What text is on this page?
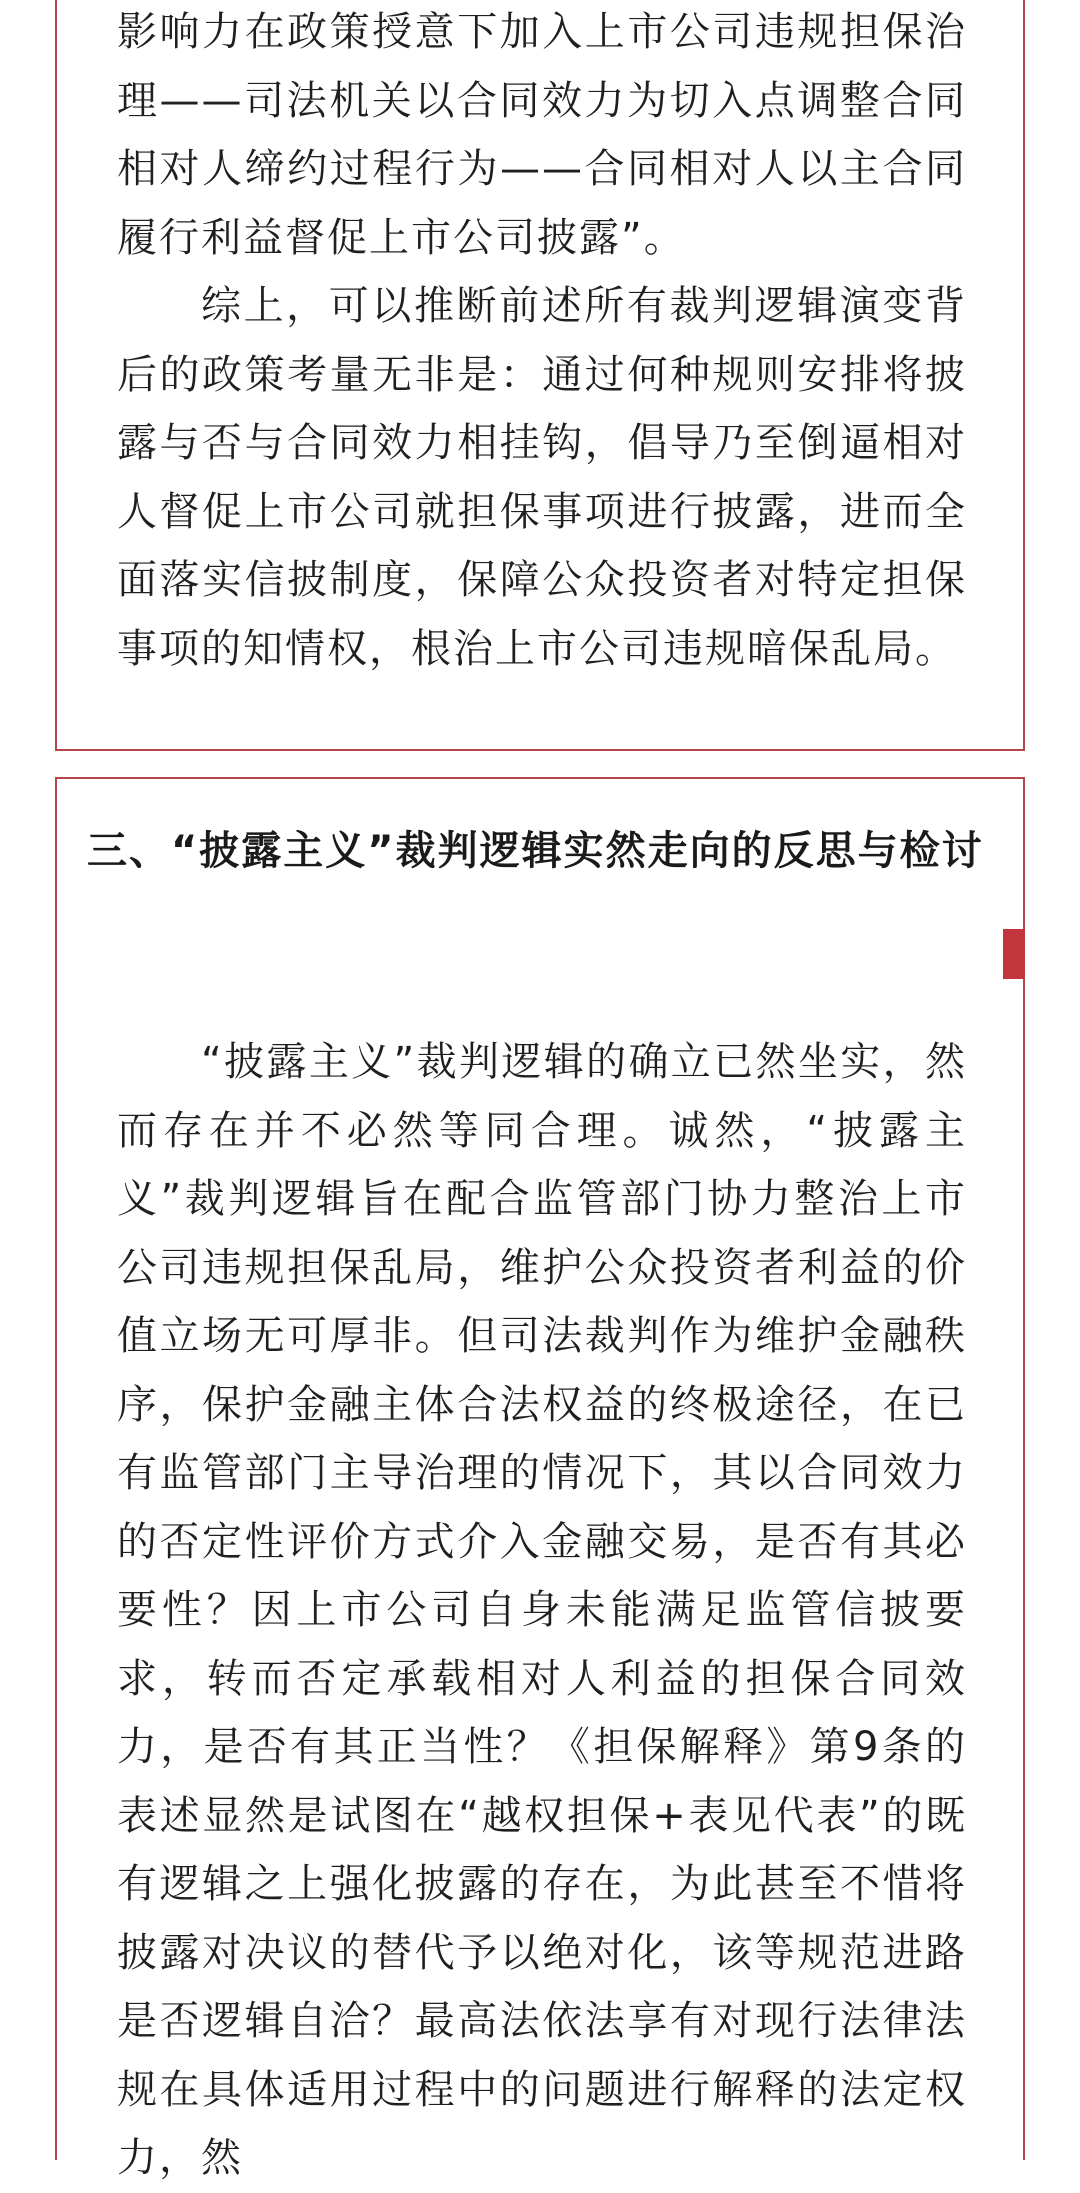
影响力在政策授意下加入上市公司违规担保治理——司法机关以合同效力为切入点调整合同相对人缔约过程行为——合同相对人以主合同履行利益督促上市公司披露”。

综上，可以推断前述所有裁判逻辑演变背后的政策考量无非是：通过何种规则安排将披露与否与合同效力相挂钩，倡导乃至倒逼相对人督促上市公司就担保事项进行披露，进而全面落实信披制度，保障公众投资者对特定担保事项的知情权，根治上市公司违规暗保乱局。

三、“披露主义”裁判逻辑实然走向的反思与检讨

“披露主义”裁判逻辑的确立已然坐实，然而存在并不必然等同合理。诚然，“披露主义”裁判逻辑旨在配合监管部门协力整治上市公司违规担保乱局，维护公众投资者利益的价值立场无可厚非。但司法裁判作为维护金融秩序，保护金融主体合法权益的终极途径，在已有监管部门主导治理的情况下，其以合同效力的否定性评价方式介入金融交易，是否有其必要性？因上市公司自身未能满足监管信披要求，转而否定承载相对人利益的担保合同效力，是否有其正当性？《担保解释》第9条的表述显然是试图在“越权担保+表见代表”的既有逻辑之上强化披露的存在，为此甚至不惜将披露对决议的替代予以绝对化，该等规范进路是否逻辑自洽？最高法依法享有对现行法律法规在具体适用过程中的问题进行解释的法定权力，然
